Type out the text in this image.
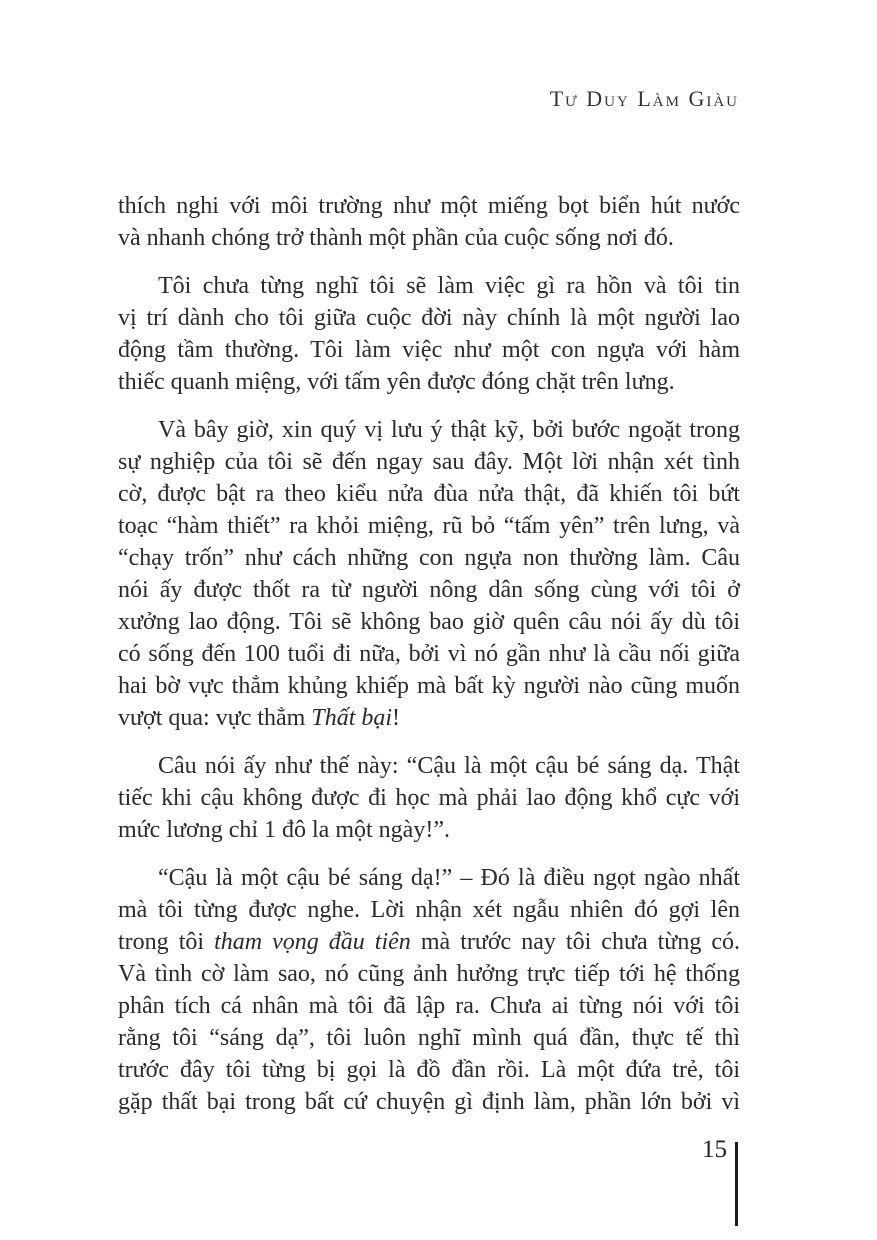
Tư Duy Làm Giàu
thích nghi với môi trường như một miếng bọt biển hút nước
và nhanh chóng trở thành một phần của cuộc sống nơi đó.
Tôi chưa từng nghĩ tôi sẽ làm việc gì ra hồn và tôi tin
vị trí dành cho tôi giữa cuộc đời này chính là một người lao
động tầm thường. Tôi làm việc như một con ngựa với hàm
thiếc quanh miệng, với tấm yên được đóng chặt trên lưng.
Và bây giờ, xin quý vị lưu ý thật kỹ, bởi bước ngoặt trong
sự nghiệp của tôi sẽ đến ngay sau đây. Một lời nhận xét tình
cờ, được bật ra theo kiểu nửa đùa nửa thật, đã khiến tôi bứt
toạc “hàm thiết” ra khỏi miệng, rũ bỏ “tấm yên” trên lưng, và
“chạy trốn” như cách những con ngựa non thường làm. Câu
nói ấy được thốt ra từ người nông dân sống cùng với tôi ở
xưởng lao động. Tôi sẽ không bao giờ quên câu nói ấy dù tôi
có sống đến 100 tuổi đi nữa, bởi vì nó gần như là cầu nối giữa
hai bờ vực thẳm khủng khiếp mà bất kỳ người nào cũng muốn
vượt qua: vực thẳm Thất bại!
Câu nói ấy như thế này: “Cậu là một cậu bé sáng dạ. Thật
tiếc khi cậu không được đi học mà phải lao động khổ cực với
mức lương chỉ 1 đô la một ngày!”.
“Cậu là một cậu bé sáng dạ!” – Đó là điều ngọt ngào nhất
mà tôi từng được nghe. Lời nhận xét ngẫu nhiên đó gợi lên
trong tôi tham vọng đầu tiên mà trước nay tôi chưa từng có.
Và tình cờ làm sao, nó cũng ảnh hưởng trực tiếp tới hệ thống
phân tích cá nhân mà tôi đã lập ra. Chưa ai từng nói với tôi
rằng tôi “sáng dạ”, tôi luôn nghĩ mình quá đần, thực tế thì
trước đây tôi từng bị gọi là đồ đần rồi. Là một đứa trẻ, tôi
gặp thất bại trong bất cứ chuyện gì định làm, phần lớn bởi vì
15
